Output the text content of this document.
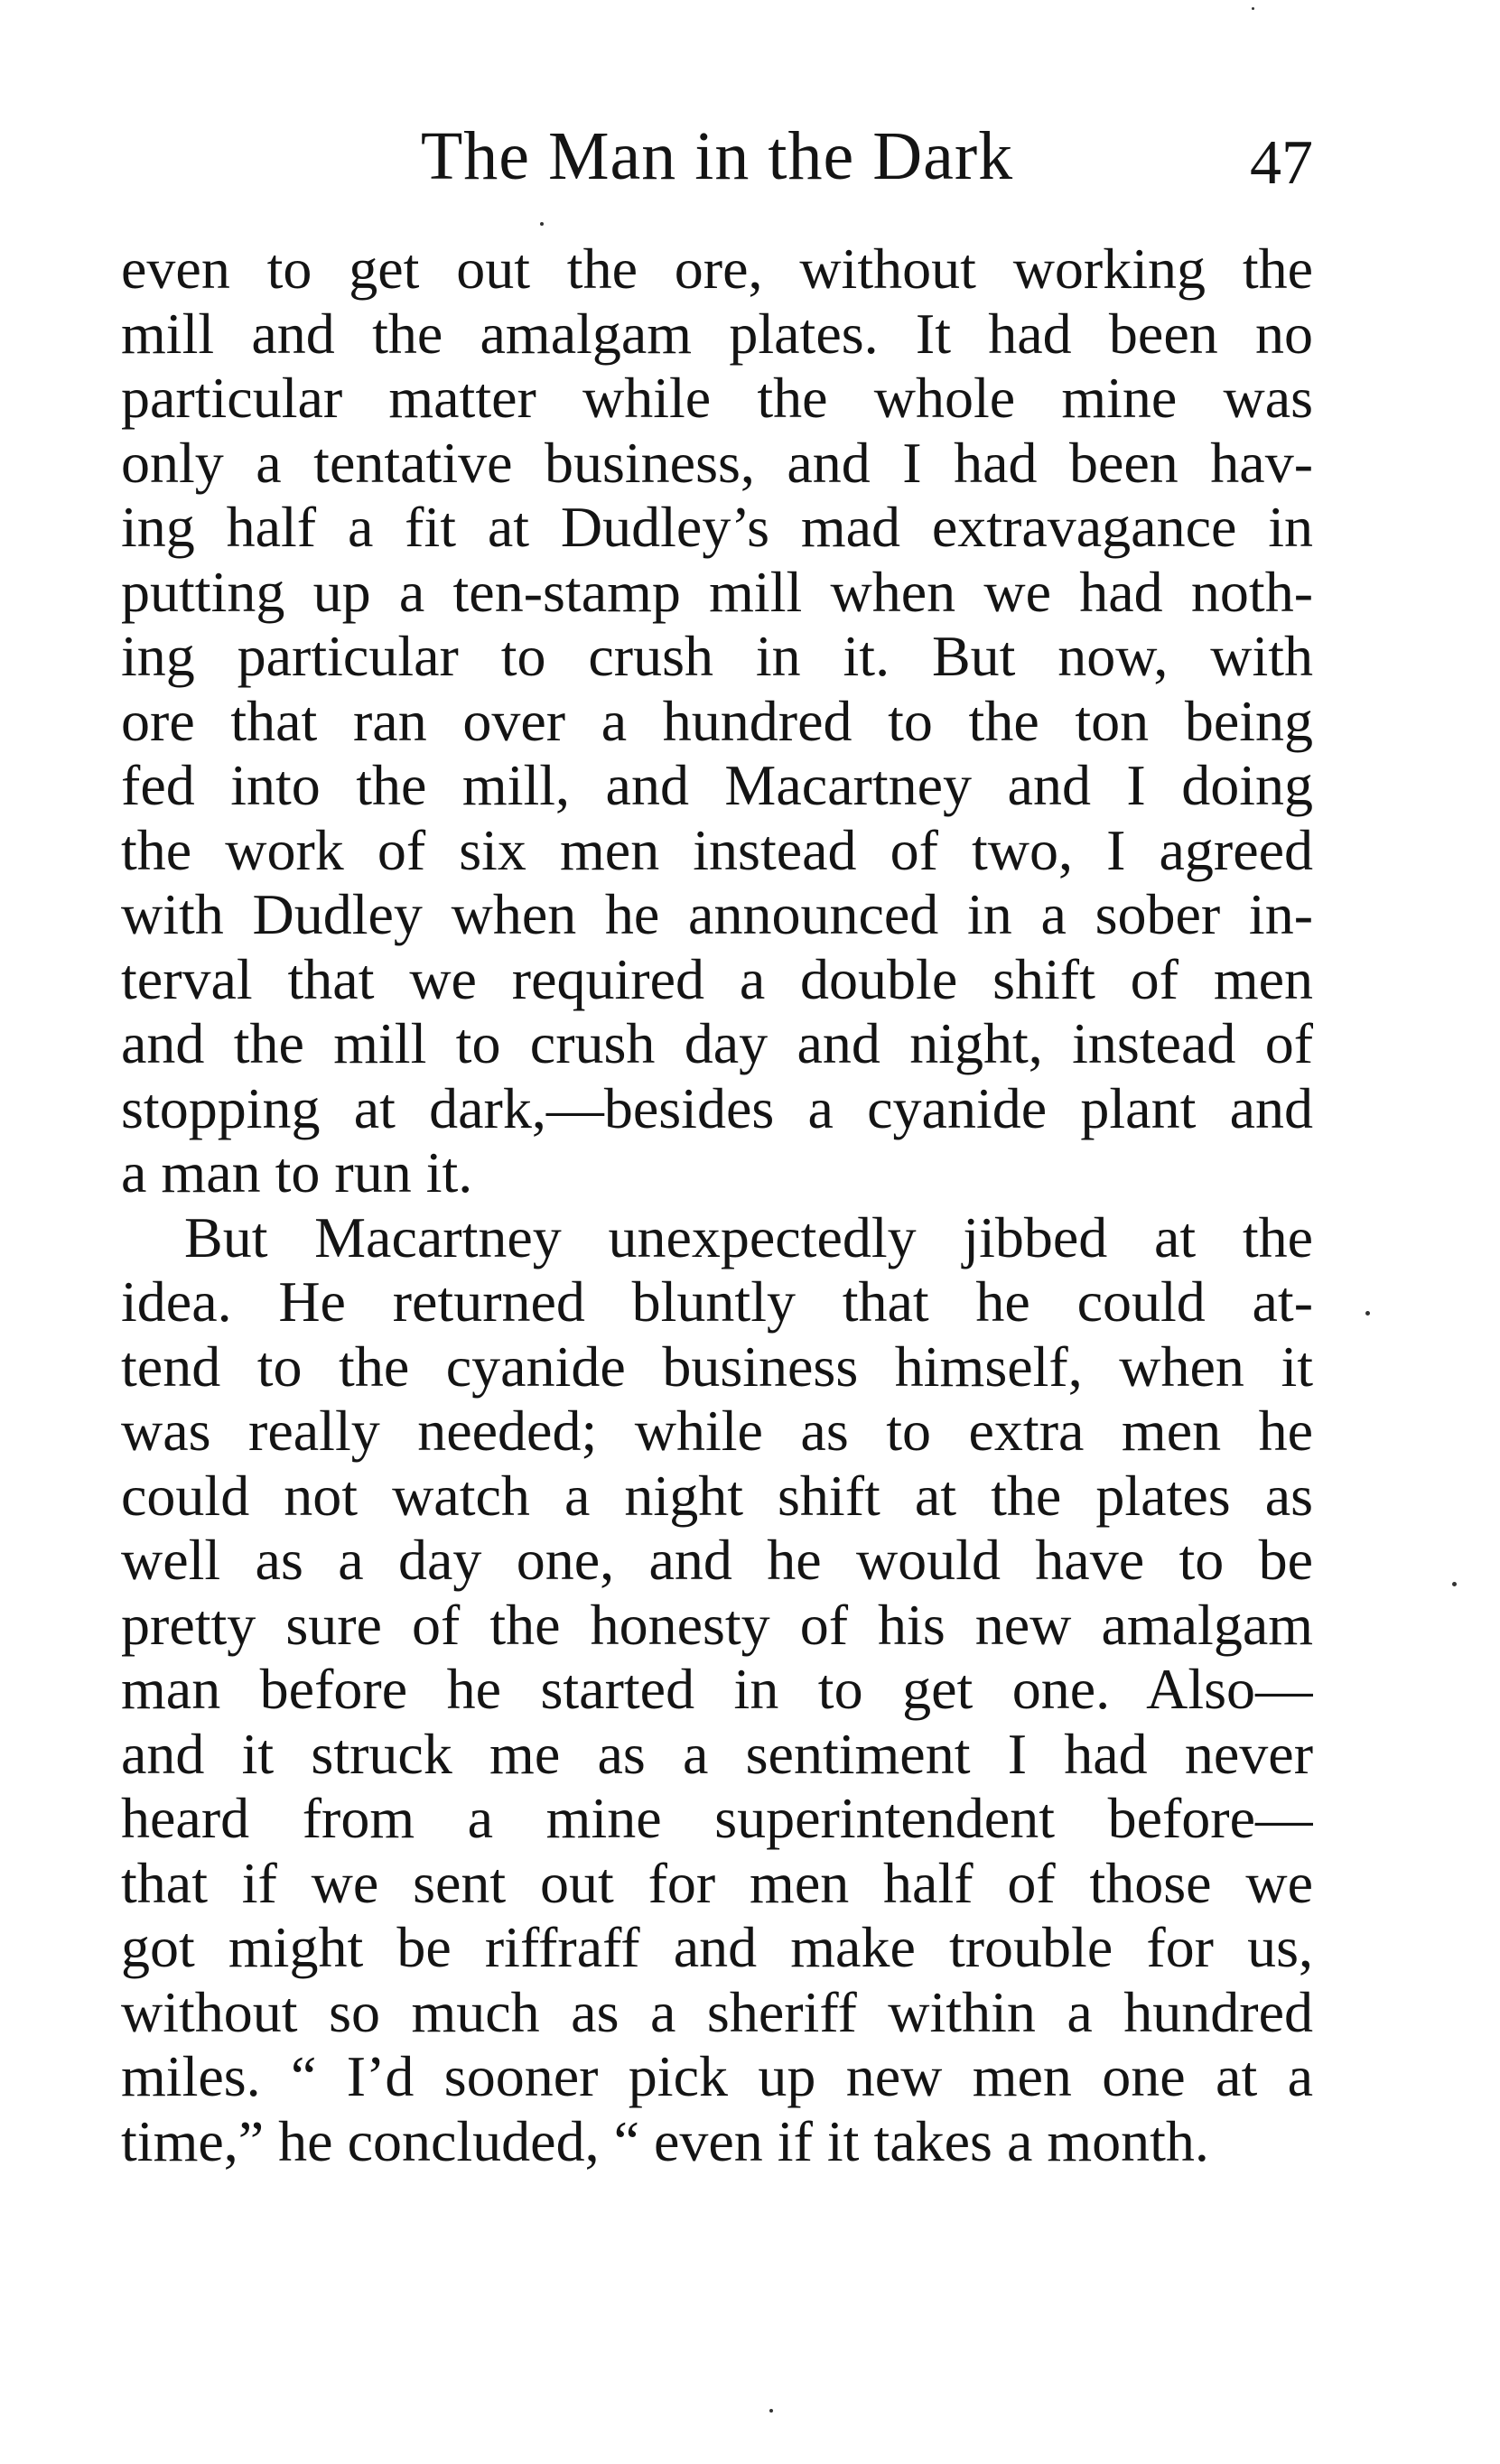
The Man in the Dark	47
even to get out the ore, without working the
mill and the amalgam plates. It had been no
particular matter while the whole mine was
only a tentative business, and I had been hav-
ing half a fit at Dudley’s mad extravagance in
putting up a ten-stamp mill when we had noth-
ing particular to crush in it. But now, with
ore that ran over a hundred to the ton being
fed into the mill, and Macartney and I doing
the work of six men instead of two, I agreed
with Dudley when he announced in a sober in-
terval that we required a double shift of men
and the mill to crush day and night, instead of
stopping at dark,—besides a cyanide plant and
a man to run it.
But Macartney unexpectedly jibbed at the
idea. He returned bluntly that he could at-
tend to the cyanide business himself, when it
was really needed; while as to extra men he
could not watch a night shift at the plates as
well as a day one, and he would have to be
pretty sure of the honesty of his new amalgam
man before he started in to get one. Also—
and it struck me as a sentiment I had never
heard from a mine superintendent before—
that if we sent out for men half of those we
got might be riffraff and make trouble for us,
without so much as a sheriff within a hundred
miles. “ I’d sooner pick up new men one at a
time,” he concluded, “ even if it takes a month.
